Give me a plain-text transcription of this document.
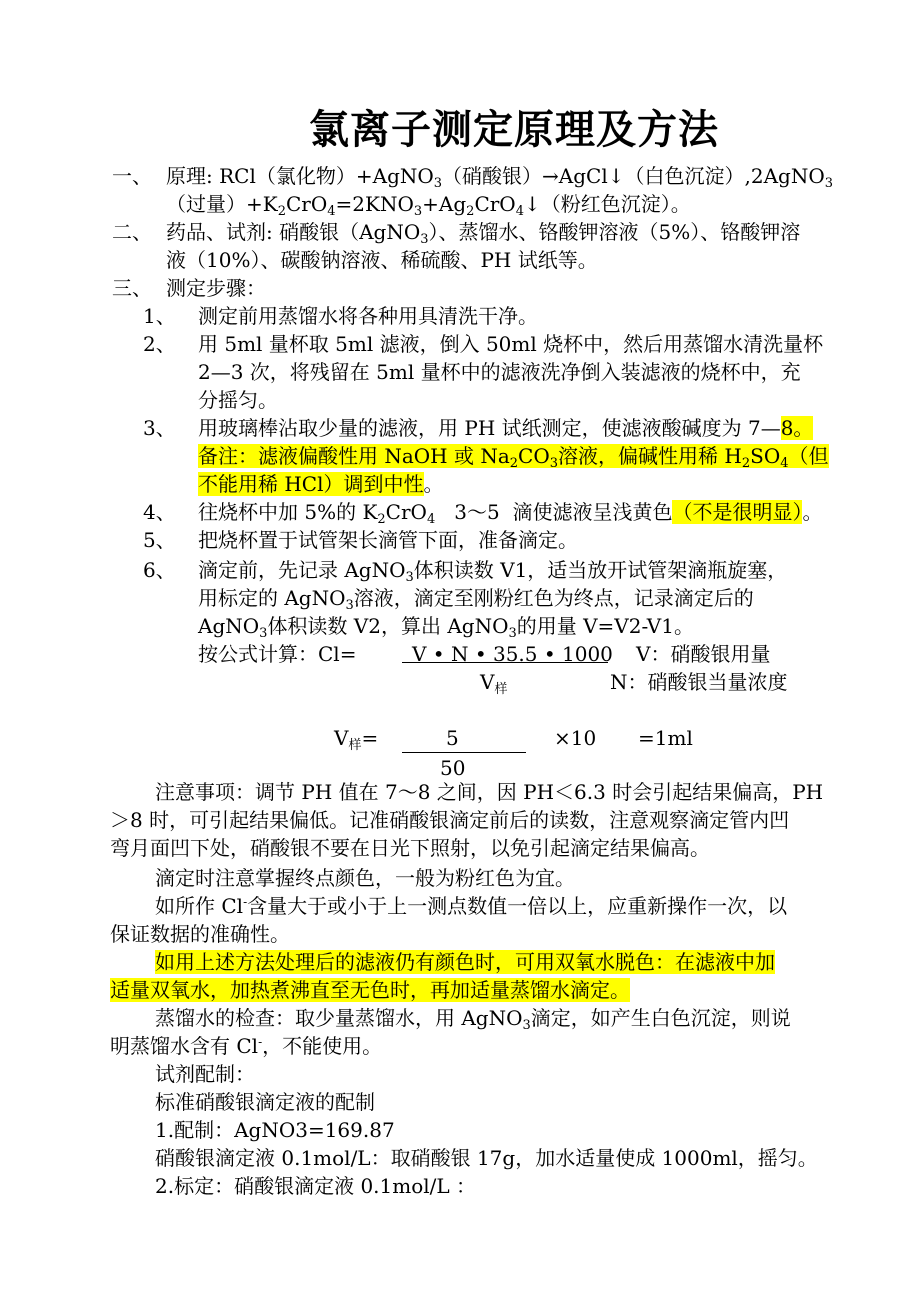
氯离子测定原理及方法
一、 原理: RCl（氯化物）+AgNO$_3$（硝酸银）→AgCl↓（白色沉淀）,2AgNO$_3$
（过量）$+K_2CrO_4=2KNO_3+Ag_2CrO_4↓$（粉红色沉淀）。
二、 药品、试剂: 硝酸银（AgNO$_3$）、蒸馏水、铬酸钾溶液（5%）、铬酸钾溶
液（10%）、碳酸钠溶液、稀硫酸、PH 试纸等。
三、 测定步骤：
1、 测定前用蒸馏水将各种用具清洗干净。
2、 用 5ml 量杯取 5ml 滤液，倒入 50ml 烧杯中，然后用蒸馏水清洗量杯
2—3 次，将残留在 5ml 量杯中的滤液洗净倒入装滤液的烧杯中，充
分摇匀。
3、 用玻璃棒沾取少量的滤液，用 PH 试纸测定，使滤液酸碱度为 7—8。
备注：滤液偏酸性用 NaOH 或 $Na_2CO_3$溶液，偏碱性用稀 $H_2SO_4$（但
不能用稀 HCl）调到中性。
4、 往烧杯中加 5%的 $K_2CrO_4$   3～5  滴使滤液呈浅黄色（不是很明显）。
5、 把烧杯置于试管架长滴管下面，准备滴定。
6、 滴定前，先记录 AgNO$_3$体积读数 V1，适当放开试管架滴瓶旋塞，
用标定的 AgNO$_3$溶液，滴定至刚粉红色为终点，记录滴定后的
AgNO$_3$体积读数 V2，算出 AgNO$_3$的用量 V=V2-V1。
按公式计算：Cl=	V • N • 35.5 • 1000 V：硝酸银用量
$V_样$	N：硝酸银当量浓度
$V_样=$	5	×10 =1ml
50
注意事项：调节 PH 值在 7～8 之间，因 PH＜6.3 时会引起结果偏高，PH
＞8 时，可引起结果偏低。记准硝酸银滴定前后的读数，注意观察滴定管内凹
弯月面凹下处，硝酸银不要在日光下照射，以免引起滴定结果偏高。
滴定时注意掌握终点颜色，一般为粉红色为宜。
如所作 Cl-含量大于或小于上一测点数值一倍以上，应重新操作一次，以
保证数据的准确性。
如用上述方法处理后的滤液仍有颜色时，可用双氧水脱色：在滤液中加
适量双氧水，加热煮沸直至无色时，再加适量蒸馏水滴定。
蒸馏水的检查：取少量蒸馏水，用 AgNO$_3$滴定，如产生白色沉淀，则说
明蒸馏水含有 Cl-，不能使用。
试剂配制：
标准硝酸银滴定液的配制
1.配制：AgNO3=169.87
硝酸银滴定液 0.1mol/L：取硝酸银 17g，加水适量使成 1000ml，摇匀。
2.标定：硝酸银滴定液 0.1mol/L ：
